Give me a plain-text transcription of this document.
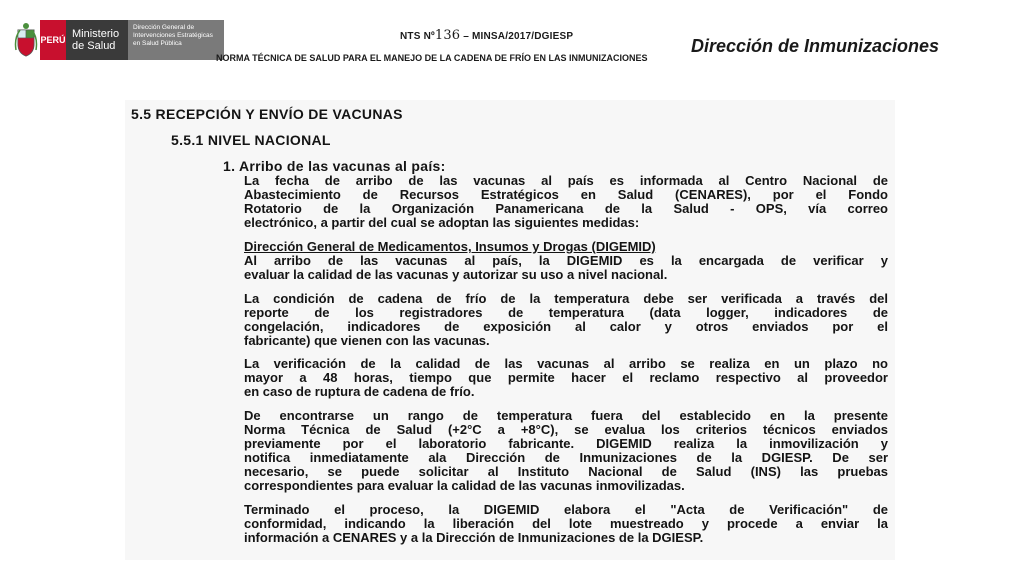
PERÚ Ministerio de Salud
Dirección General de Intervenciones Estratégicas en Salud Pública
NTS Nº136 – MINSA/2017/DGIESP
NORMA TÉCNICA DE SALUD PARA EL MANEJO DE LA CADENA DE FRÍO EN LAS INMUNIZACIONES
Dirección de Inmunizaciones
5.5 RECEPCIÓN Y ENVÍO DE VACUNAS
5.5.1 NIVEL NACIONAL
1. Arribo de las vacunas al país:
La fecha de arribo de las vacunas al país es informada al Centro Nacional de
Abastecimiento de Recursos Estratégicos en Salud (CENARES), por el Fondo
Rotatorio de la Organización Panamericana de la Salud - OPS, vía correo
electrónico, a partir del cual se adoptan las siguientes medidas:
Dirección General de Medicamentos, Insumos y Drogas (DIGEMID)
Al arribo de las vacunas al país, la DIGEMID es la encargada de verificar y
evaluar la calidad de las vacunas y autorizar su uso a nivel nacional.
La condición de cadena de frío de la temperatura debe ser verificada a través del
reporte de los registradores de temperatura (data logger, indicadores de
congelación, indicadores de exposición al calor y otros enviados por el
fabricante) que vienen con las vacunas.
La verificación de la calidad de las vacunas al arribo se realiza en un plazo no
mayor a 48 horas, tiempo que permite hacer el reclamo respectivo al proveedor
en caso de ruptura de cadena de frío.
De encontrarse un rango de temperatura fuera del establecido en la presente
Norma Técnica de Salud (+2°C a +8°C), se evalua los criterios técnicos enviados
previamente por el laboratorio fabricante. DIGEMID realiza la inmovilización y
notifica inmediatamente ala Dirección de Inmunizaciones de la DGIESP. De ser
necesario, se puede solicitar al Instituto Nacional de Salud (INS) las pruebas
correspondientes para evaluar la calidad de las vacunas inmovilizadas.
Terminado el proceso, la DIGEMID elabora el "Acta de Verificación" de
conformidad, indicando la liberación del lote muestreado y procede a enviar la
información a CENARES y a la Dirección de Inmunizaciones de la DGIESP.
